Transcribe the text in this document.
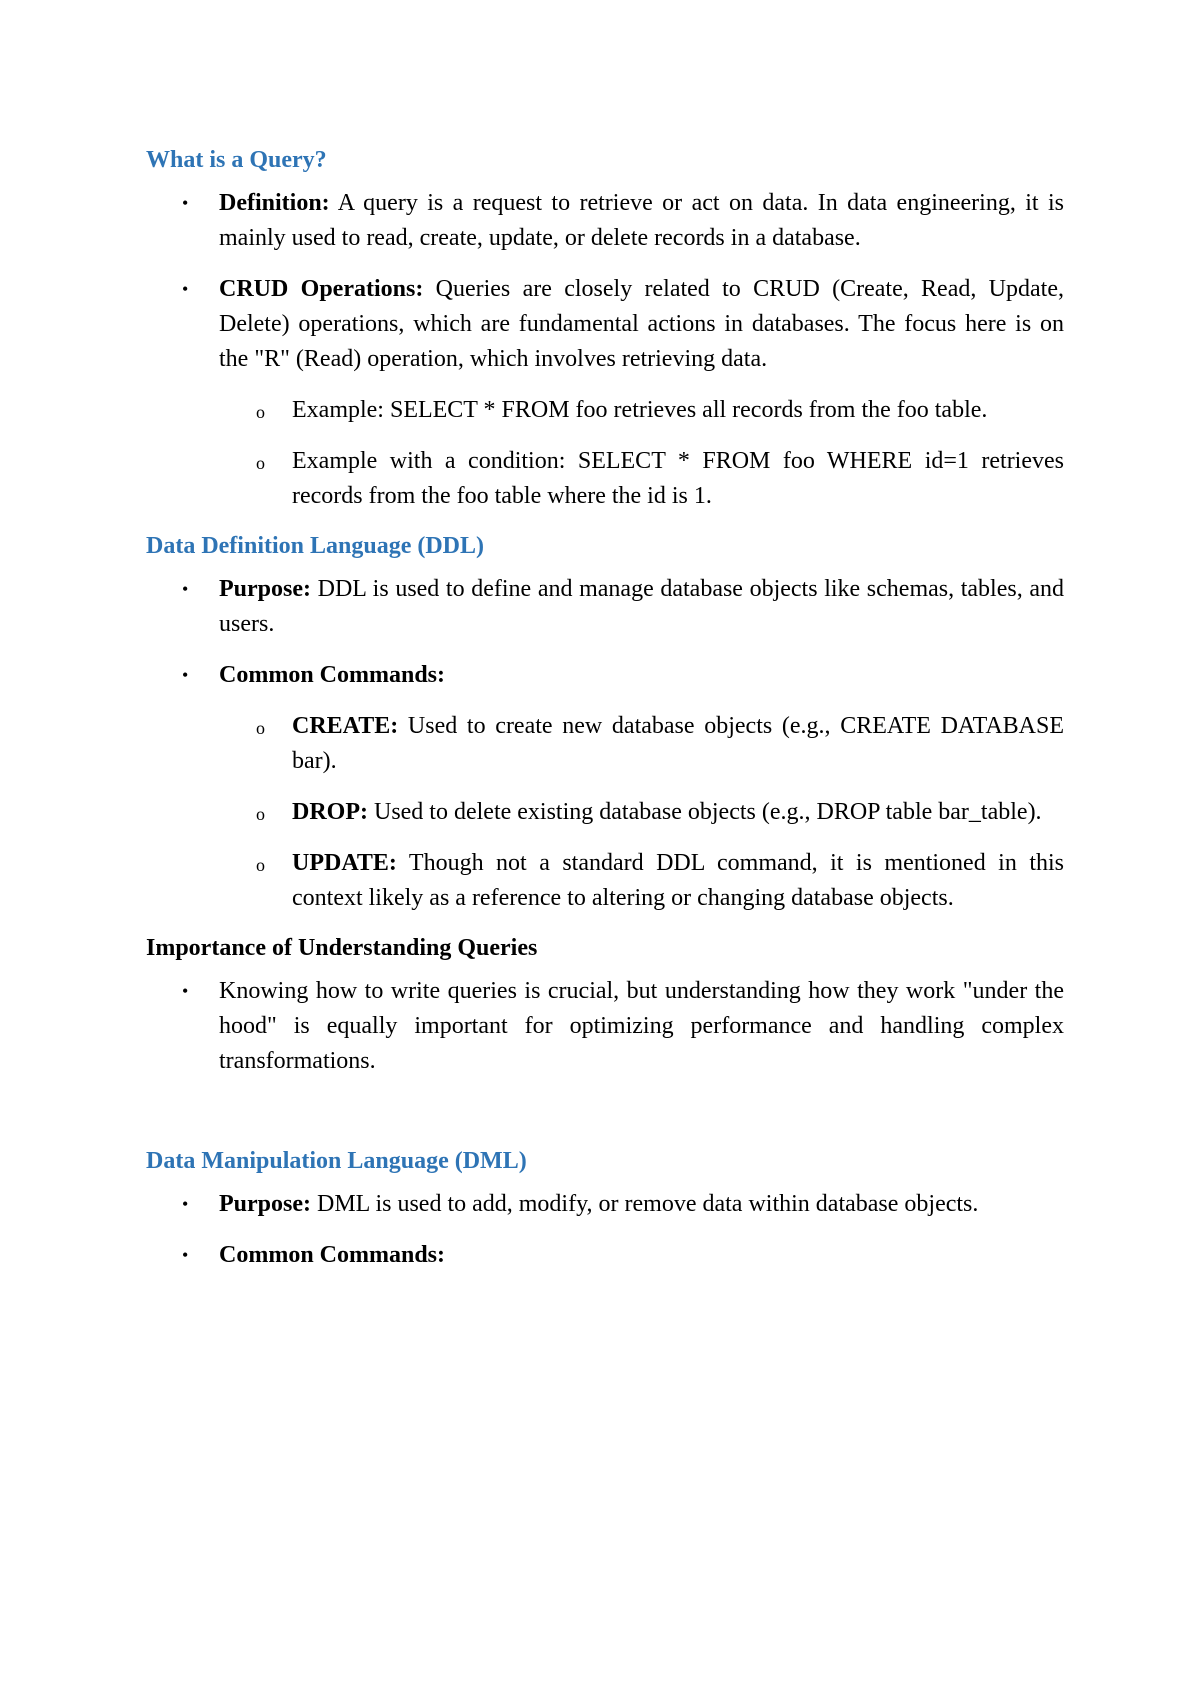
What is a Query?
• Definition: A query is a request to retrieve or act on data. In data engineering, it is mainly used to read, create, update, or delete records in a database.
• CRUD Operations: Queries are closely related to CRUD (Create, Read, Update, Delete) operations, which are fundamental actions in databases. The focus here is on the "R" (Read) operation, which involves retrieving data.
o Example: SELECT * FROM foo retrieves all records from the foo table.
o Example with a condition: SELECT * FROM foo WHERE id=1 retrieves records from the foo table where the id is 1.
Data Definition Language (DDL)
• Purpose: DDL is used to define and manage database objects like schemas, tables, and users.
• Common Commands:
o CREATE: Used to create new database objects (e.g., CREATE DATABASE bar).
o DROP: Used to delete existing database objects (e.g., DROP table bar_table).
o UPDATE: Though not a standard DDL command, it is mentioned in this context likely as a reference to altering or changing database objects.
Importance of Understanding Queries
• Knowing how to write queries is crucial, but understanding how they work "under the hood" is equally important for optimizing performance and handling complex transformations.
Data Manipulation Language (DML)
• Purpose: DML is used to add, modify, or remove data within database objects.
• Common Commands:
